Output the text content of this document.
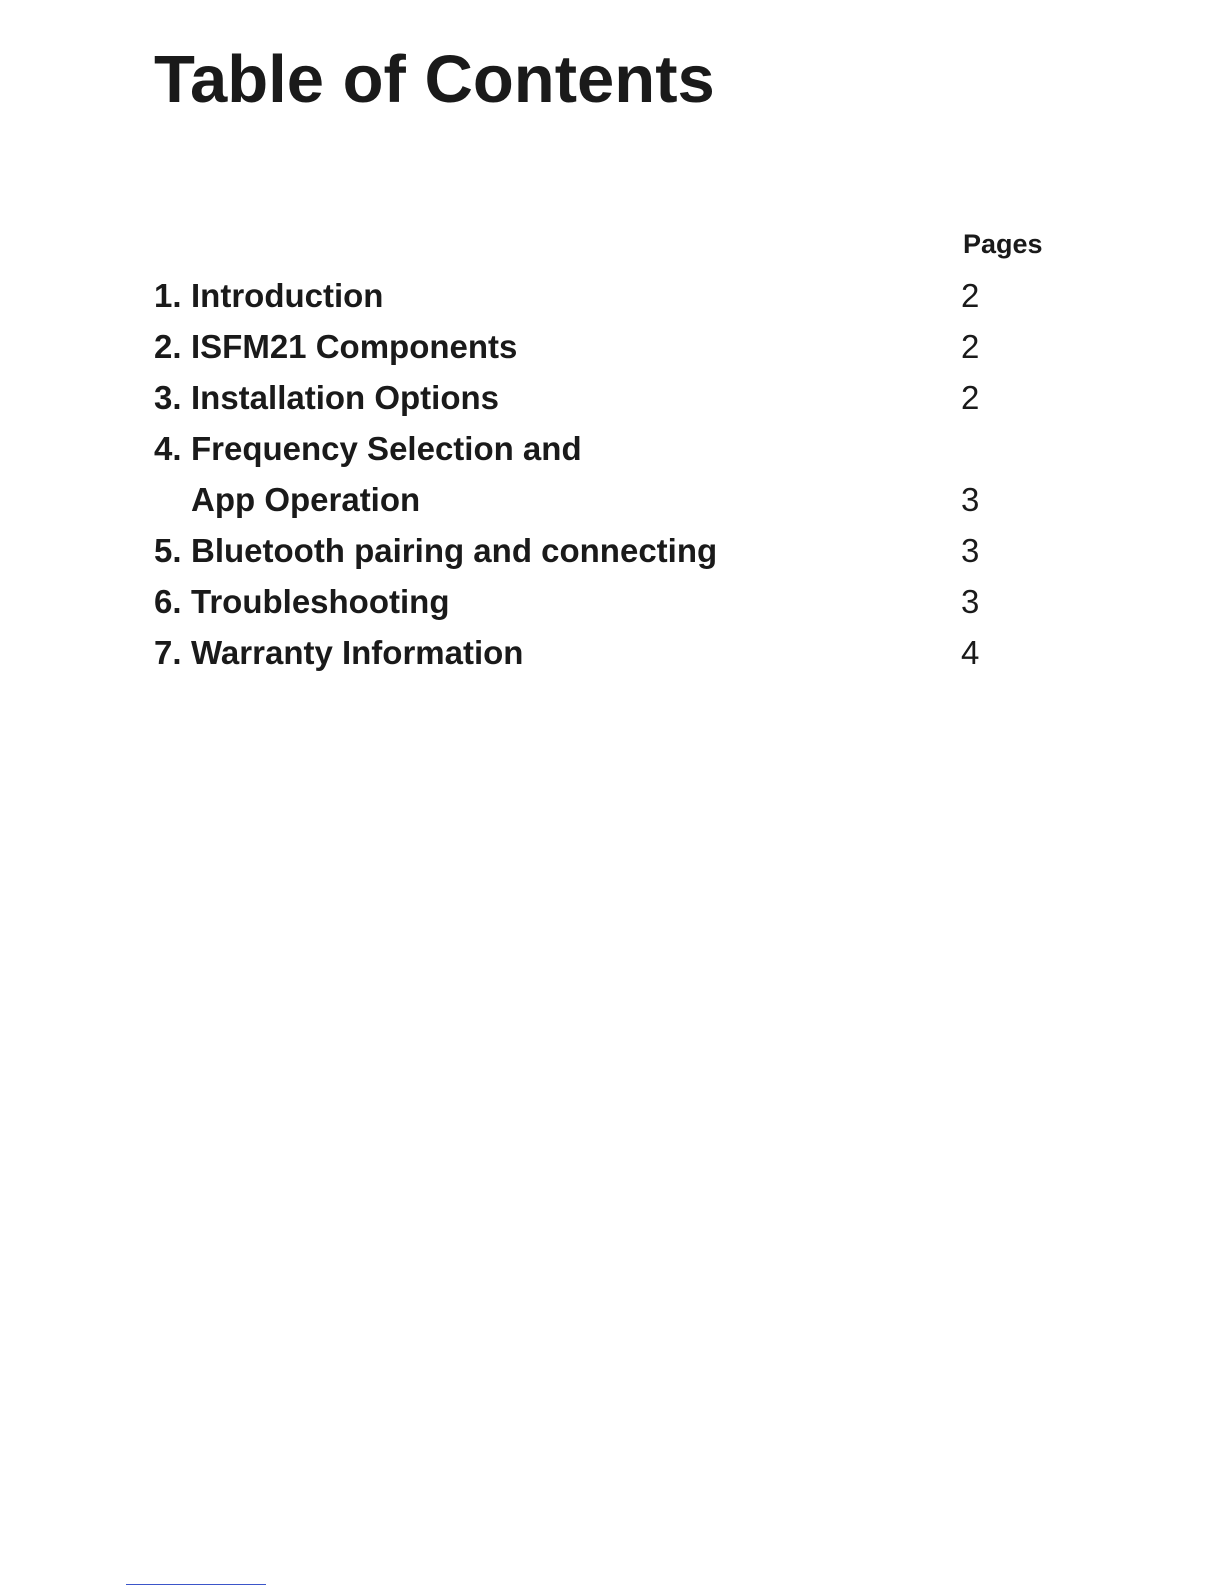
Table of Contents
Pages
1. Introduction	2
2. ISFM21 Components	2
3. Installation Options	2
4. Frequency Selection and
App Operation	3
5. Bluetooth pairing and connecting	3
6. Troubleshooting	3
7. Warranty Information	4
